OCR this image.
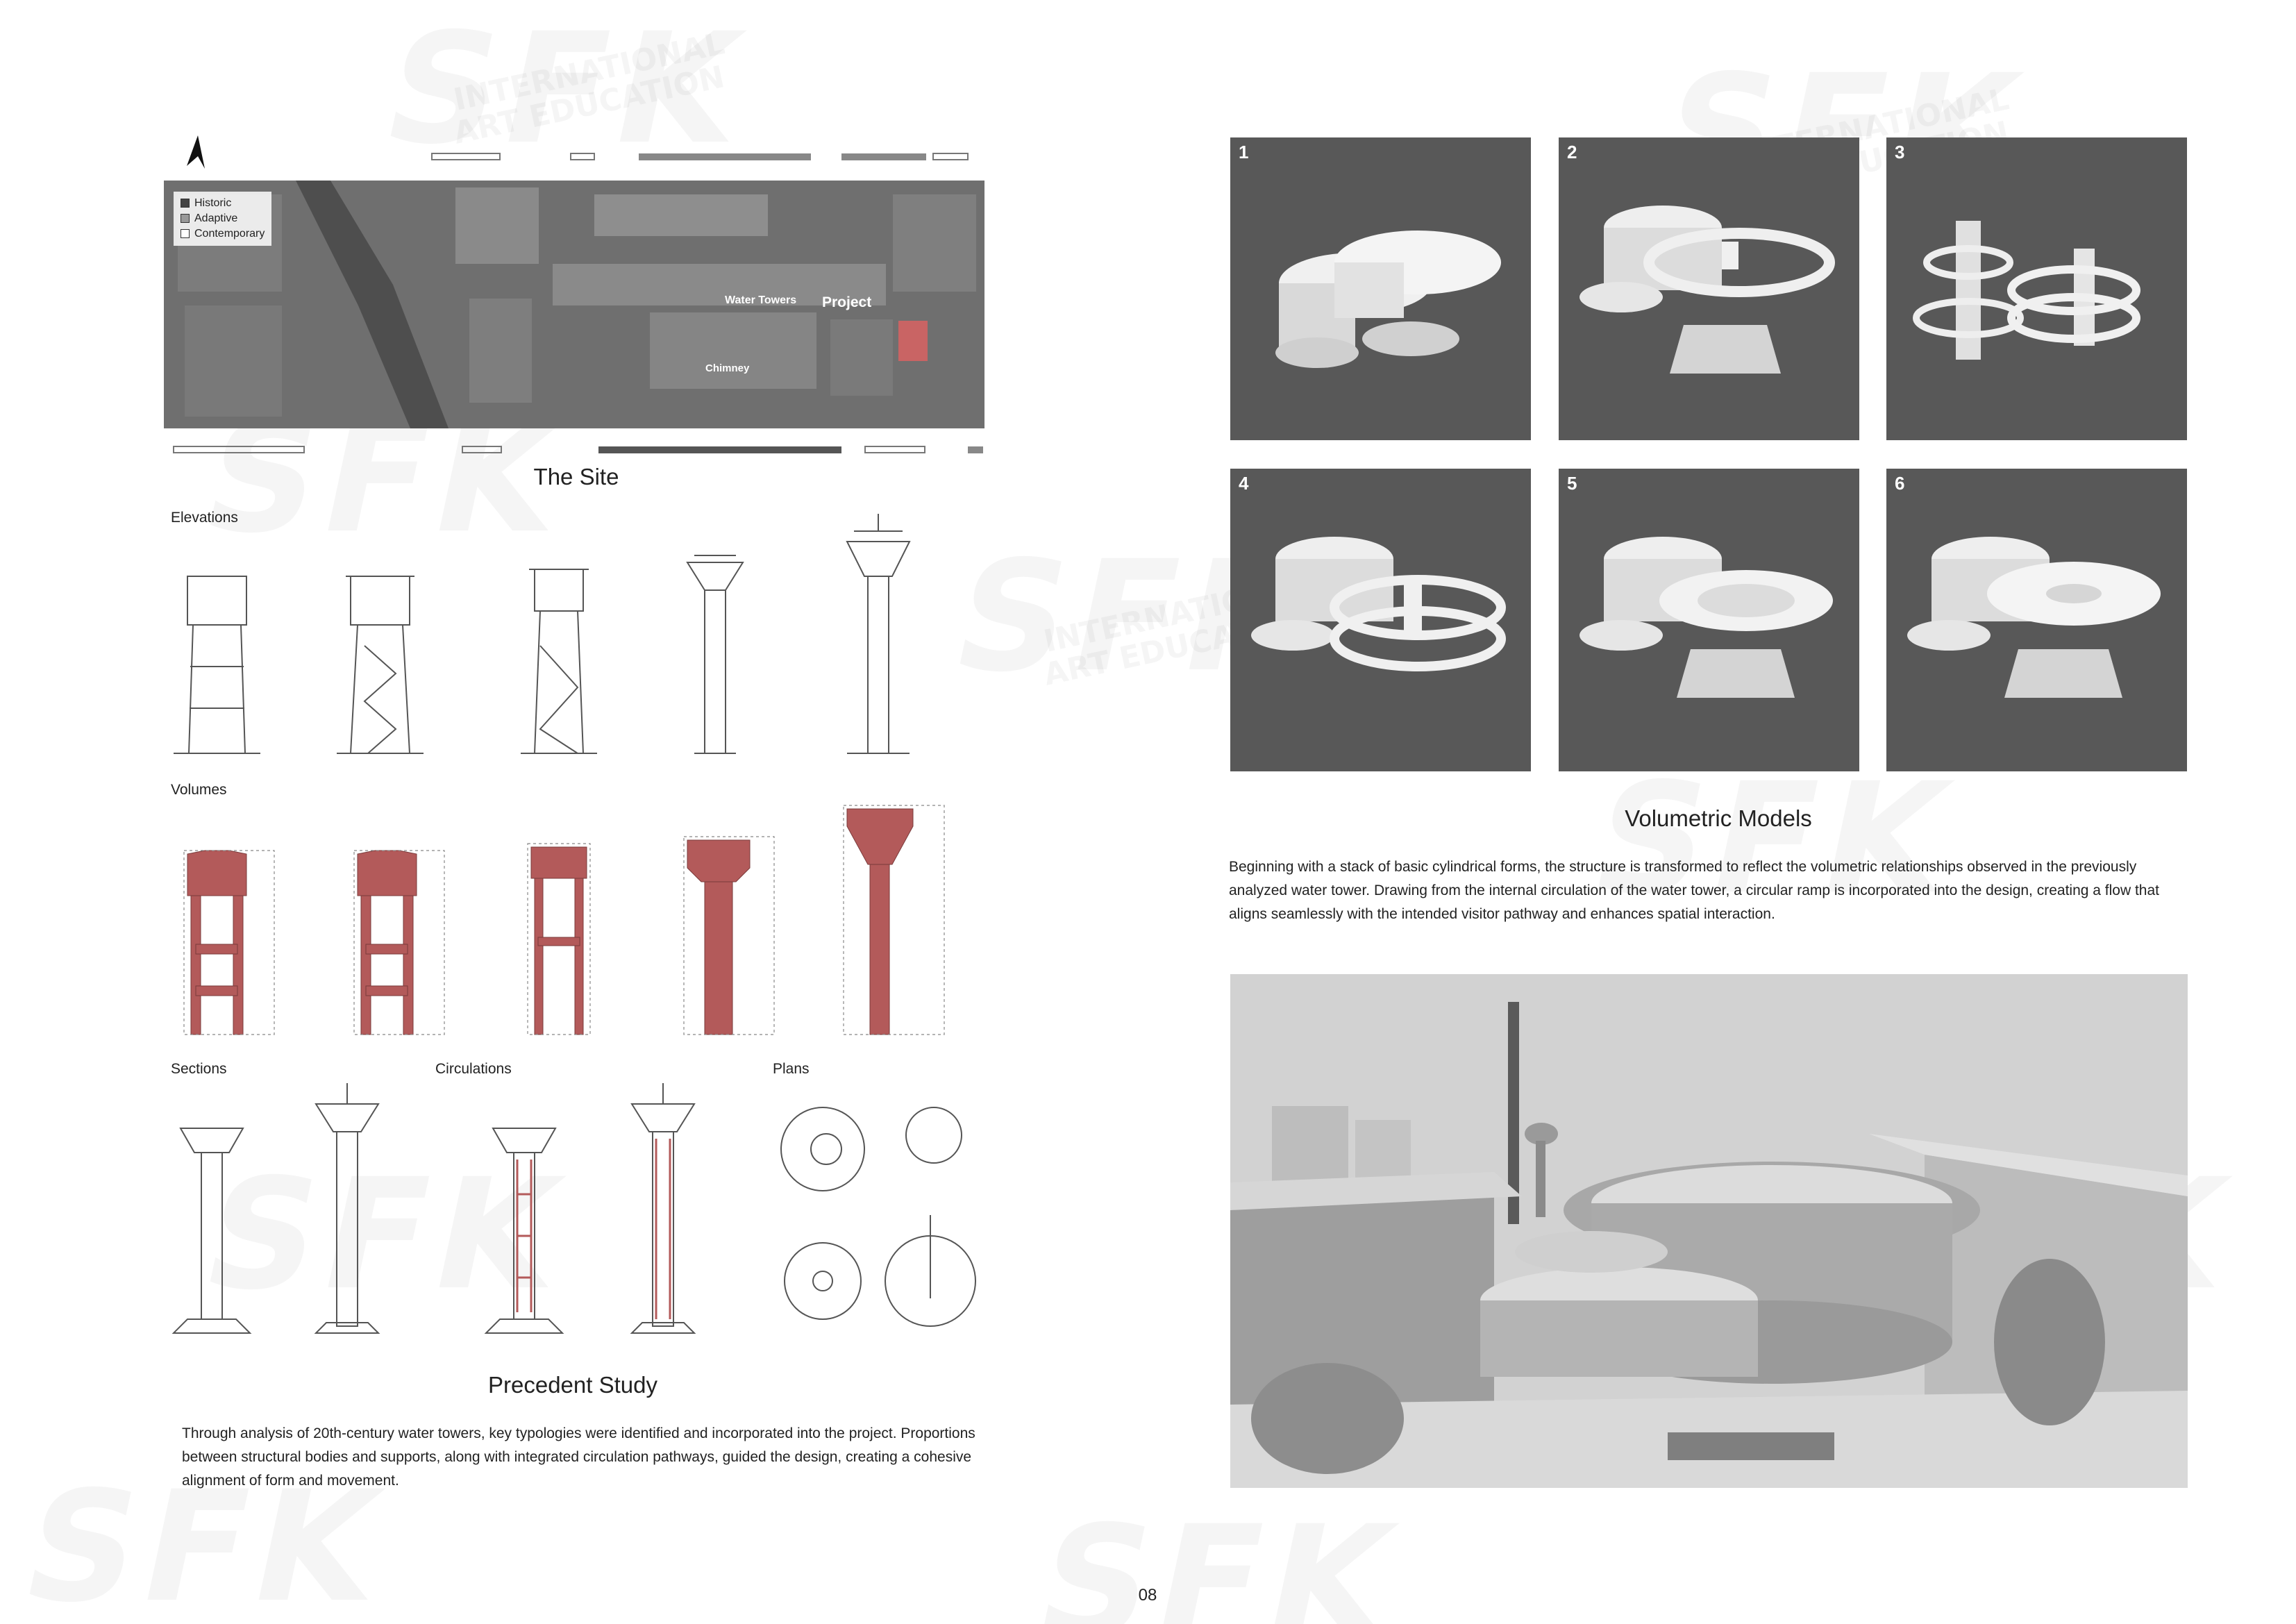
Historic
Adaptive
Contemporary
Water Towers Project
Chimney
The Site
Elevations
Volumes
Sections	Circulations	Plans
Precedent Study
Through analysis of 20th-century water towers, key typologies were identified and incorporated into the project. Proportions between structural bodies and supports, along with integrated circulation pathways, guided the design, creating a cohesive alignment of form and movement.
1	2	3
4	5	6
Volumetric Models
Beginning with a stack of basic cylindrical forms, the structure is transformed to reflect the volumetric relationships observed in the previously analyzed water tower. Drawing from the internal circulation of the water tower, a circular ramp is incorporated into the design, creating a flow that aligns seamlessly with the intended visitor pathway and enhances spatial interaction.
08
